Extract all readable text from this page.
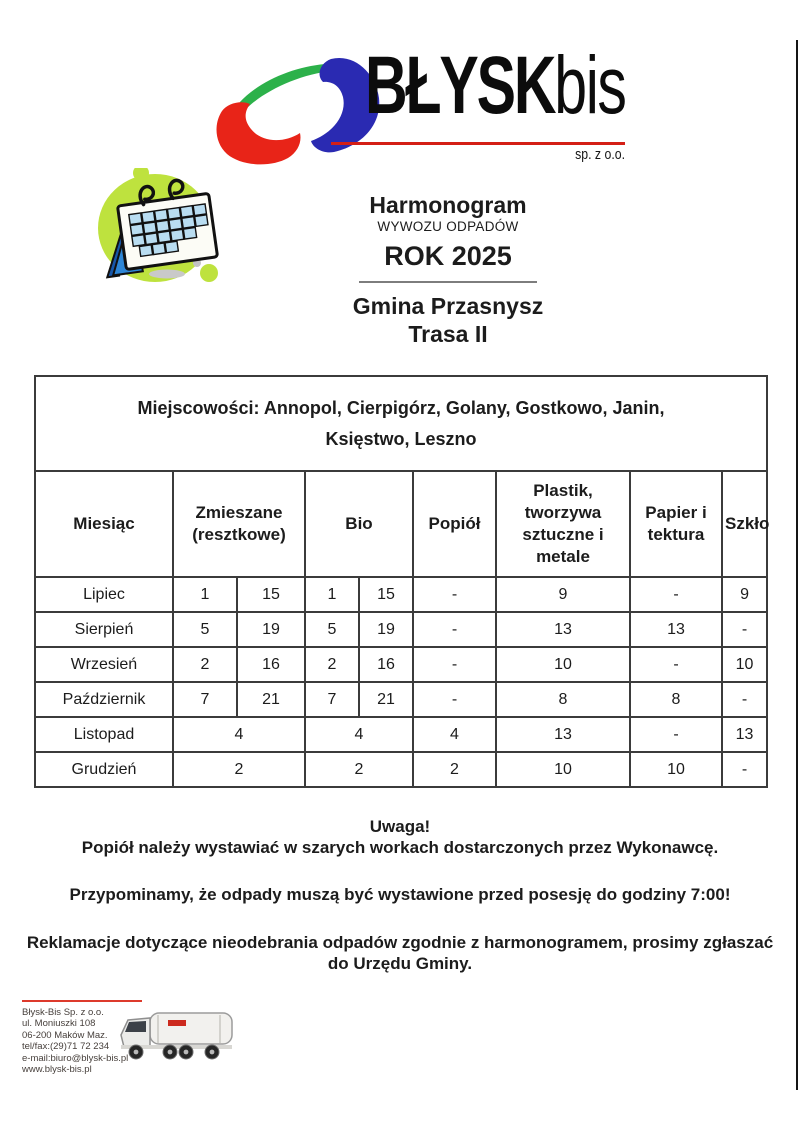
BŁYSKbis
sp. z o.o.
Harmonogram
WYWOZU ODPADÓW
ROK 2025
Gmina Przasnysz
Trasa II
Miejscowości: Annopol, Cierpigórz, Golany, Gostkowo, Janin, Księstwo, Leszno								

Miesiąc	Zmieszane (resztkowe)		Bio		Popiół	Plastik, tworzywa sztuczne i metale	Papier i tektura	Szkło
Lipiec	1	15	1	15	-	9	-	9
Sierpień	5	19	5	19	-	13	13	-
Wrzesień	2	16	2	16	-	10	-	10
Październik	7	21	7	21	-	8	8	-
Listopad	4		4		4	13	-	13
Grudzień	2		2		2	10	10	-

Uwaga!
Popiół należy wystawiać w szarych workach dostarczonych przez Wykonawcę.

Przypominamy, że odpady muszą być wystawione przed posesję do godziny 7:00!

Reklamacje dotyczące nieodebrania odpadów zgodnie z harmonogramem, prosimy zgłaszać do Urzędu Gminy.

Błysk-Bis Sp. z o.o.
ul. Moniuszki 108
06-200 Maków Maz.
tel/fax:(29)71 72 234
e-mail:biuro@blysk-bis.pl
www.blysk-bis.pl
